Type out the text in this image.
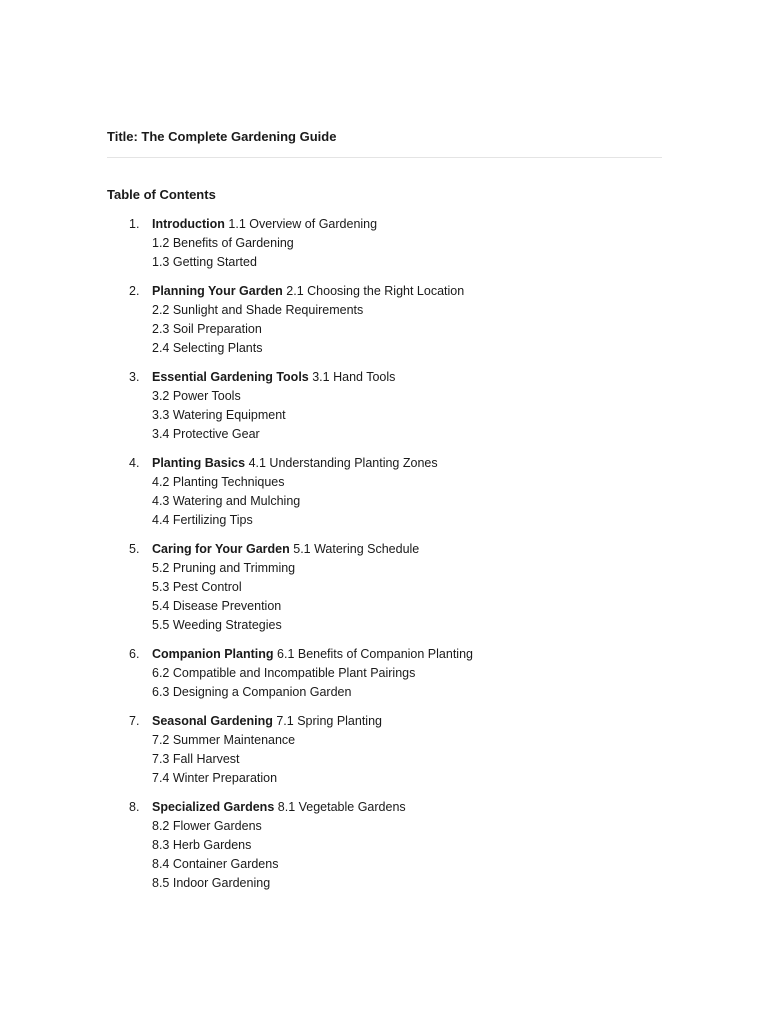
Title: The Complete Gardening Guide
Table of Contents
1. Introduction 1.1 Overview of Gardening
1.2 Benefits of Gardening
1.3 Getting Started
2. Planning Your Garden 2.1 Choosing the Right Location
2.2 Sunlight and Shade Requirements
2.3 Soil Preparation
2.4 Selecting Plants
3. Essential Gardening Tools 3.1 Hand Tools
3.2 Power Tools
3.3 Watering Equipment
3.4 Protective Gear
4. Planting Basics 4.1 Understanding Planting Zones
4.2 Planting Techniques
4.3 Watering and Mulching
4.4 Fertilizing Tips
5. Caring for Your Garden 5.1 Watering Schedule
5.2 Pruning and Trimming
5.3 Pest Control
5.4 Disease Prevention
5.5 Weeding Strategies
6. Companion Planting 6.1 Benefits of Companion Planting
6.2 Compatible and Incompatible Plant Pairings
6.3 Designing a Companion Garden
7. Seasonal Gardening 7.1 Spring Planting
7.2 Summer Maintenance
7.3 Fall Harvest
7.4 Winter Preparation
8. Specialized Gardens 8.1 Vegetable Gardens
8.2 Flower Gardens
8.3 Herb Gardens
8.4 Container Gardens
8.5 Indoor Gardening
